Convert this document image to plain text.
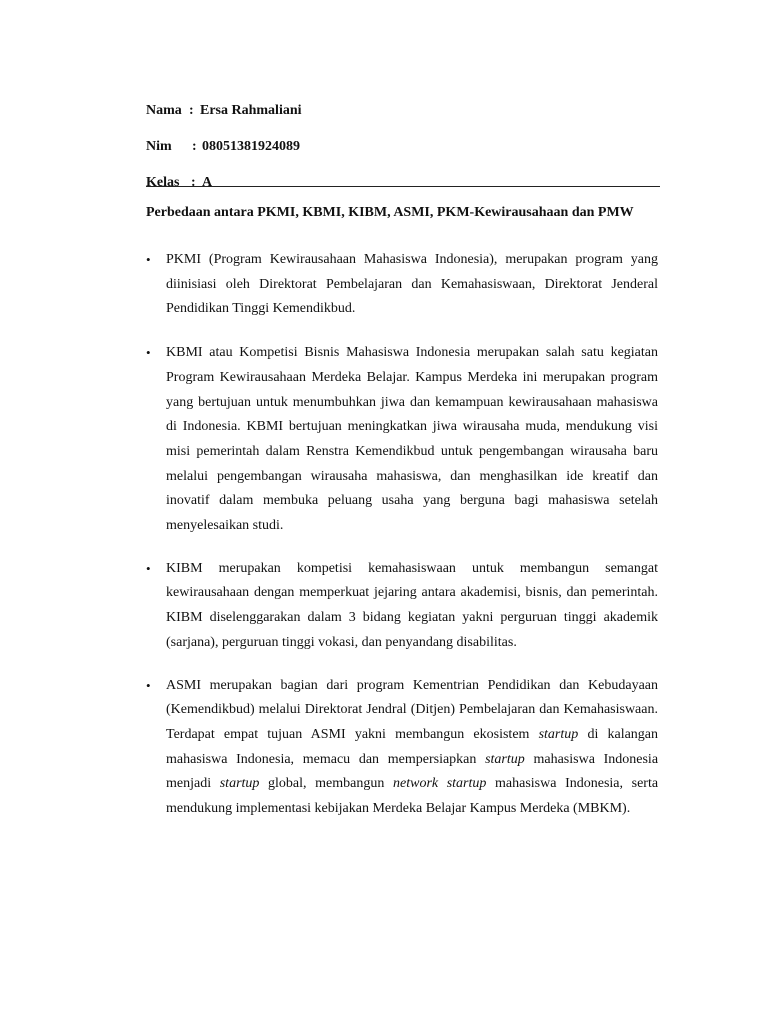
Nama : Ersa Rahmaliani
Nim	: 08051381924089
Kelas : A
Perbedaan antara PKMI, KBMI, KIBM, ASMI, PKM-Kewirausahaan dan PMW
• PKMI (Program Kewirausahaan Mahasiswa Indonesia), merupakan program yang diinisiasi oleh Direktorat Pembelajaran dan Kemahasiswaan, Direktorat Jenderal Pendidikan Tinggi Kemendikbud.
• KBMI atau Kompetisi Bisnis Mahasiswa Indonesia merupakan salah satu kegiatan Program Kewirausahaan Merdeka Belajar. Kampus Merdeka ini merupakan program yang bertujuan untuk menumbuhkan jiwa dan kemampuan kewirausahaan mahasiswa di Indonesia. KBMI bertujuan meningkatkan jiwa wirausaha muda, mendukung visi misi pemerintah dalam Renstra Kemendikbud untuk pengembangan wirausaha baru melalui pengembangan wirausaha mahasiswa, dan menghasilkan ide kreatif dan inovatif dalam membuka peluang usaha yang berguna bagi mahasiswa setelah menyelesaikan studi.
• KIBM merupakan kompetisi kemahasiswaan untuk membangun semangat kewirausahaan dengan memperkuat jejaring antara akademisi, bisnis, dan pemerintah. KIBM diselenggarakan dalam 3 bidang kegiatan yakni perguruan tinggi akademik (sarjana), perguruan tinggi vokasi, dan penyandang disabilitas.
• ASMI merupakan bagian dari program Kementrian Pendidikan dan Kebudayaan (Kemendikbud) melalui Direktorat Jendral (Ditjen) Pembelajaran dan Kemahasiswaan. Terdapat empat tujuan ASMI yakni membangun ekosistem startup di kalangan mahasiswa Indonesia, memacu dan mempersiapkan startup mahasiswa Indonesia menjadi startup global, membangun network startup mahasiswa Indonesia, serta mendukung implementasi kebijakan Merdeka Belajar Kampus Merdeka (MBKM).
